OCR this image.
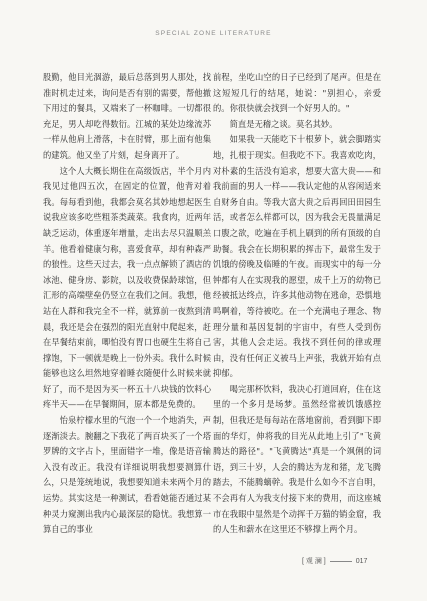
SPECIAL ZONE LITERATURE

股勤，他目光涸游，最后总落到男人那处，找准时机走过来，询问是否有别的需要，帮他撤下用过的餐具，又端来了一杯咖啡。一切都很充足，男人却吃得数衍。江城的某处边缘流苏一样从他肩上滑落，卡在肘臂，那上面有他集的建筑。他又坐了片刻，起身离开了。

这个人大概长期住在高级饭店，半个月内我见过他四五次，在固定的位置，他背对着我。每每看到他，我都会莫名其妙地想起医生说我应该多吃些粗茶类蔬菜。我食肉，近两年缺乏运动，体重逐年增量，走出去尽只温顺羔羊。他看着健康匀称，喜爱食草，却有种森严的狼性。这些天过去，我一点点解锁了酒店的冰池、健身房、影院，以及收费保龄球馆，但汇形的高端壁垒仍竖立在我们之间。我想，他站在人群和我完全不一样，就算前一夜熬到清晨，我还是会在强烈的阳光直射中爬起来，赶在早餐结束前，唧怕没有胃口也硬生生将自己撑饱，下一顿就是晚上一份外卖。我什么时候能够也这么坦然地穿着睡衣随便什么时候来就好了，而不是因为买一杯五十八块钱的饮料心疼半天——在早餐期间，原本都是免费的。

怡泉柠檬水里的气泡一个一个地消失，声逐渐淡去。腕翻之下我花了两百块买了一个塔罗牌的文字占卜，里面错字一堆，像是语音输入没有改正。我没有详细说明我想要测算什么，只是笼统地说，我想要知道未来两个月的运势。其实这是一种测试，看看她能否通过某种灵力窥测出我内心最深层的隐忧。我想算一算自己的事业

前程，坐吃山空的日子已经到了尾声。但是在这短短几行的结尾，她说："别担心，亲爱的。你很快就会找到一个好男人的。"

简直是无稽之谈。莫名其妙。

如果我一天能吃下十根萝卜，就会脚踏实地，扎根于现实。但我吃不下。我喜欢吃肉，对朴素的生活没有追求，想要大富大贵——和我前面的男人一样——我认定他的从容闲适来自财务自由。等我大富大贵之后再回田田园生活，或者怎么样都可以，因为我会无畏量满足口腹之欲，吃遍在手机上刷到的所有顶级的自助餐。我会在长期积累的挥击下，最常生发于饥饿的傍晚及临睡的午夜。而现实中的每一分钟都有人在实现我的愿望，成千上万的幼物已经被抵达终点，许多其他动物在逃命，恐惧地鸣啊着，等待被吃。在一个充满电子理念、物理分量和基因复制的宇宙中，有些人受到伤害，其他人会走运。我找不到任何的律或理由，没有任何正义被马上声张，我就开始有点抑郁。

喝完那杯饮料，我决心打道回府，住在这里的一个多月是场梦。虽然经常被饥饿感控制，但我还是每每站在落地窗前，看到脚下即面的华灯，伸将我的目光从此地上引了"飞黄腾达的路径"。"飞黄腾达"真是一个飒俐的词语，到三十岁，人会的腾达为龙和猪，龙飞腾踏去，不能腾螭幹。我是什么如今不言自明，不会再有人为我支付接下来的费用，而这座城市在我眼中显然是个动挥千万猫的销金窟，我的人生和薪水在这里还不够撑上两个月。

[ 观 澜 ]	017
